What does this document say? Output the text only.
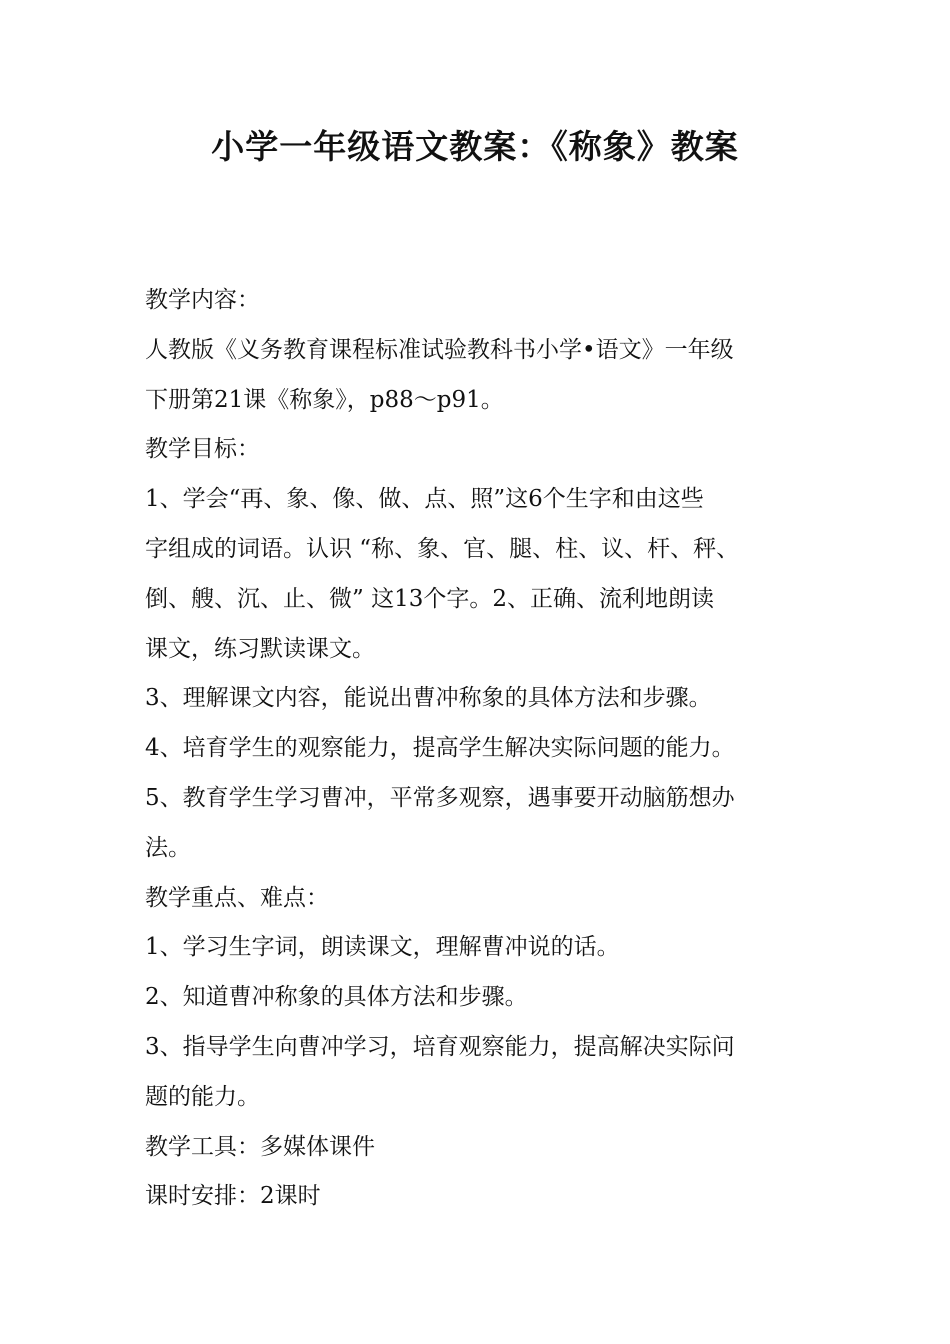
小学一年级语文教案：《称象》教案

教学内容：

人教版《义务教育课程标准试验教科书小学•语文》一年级

下册第21课《称象》，p88～p91。

教学目标：

1、学会“再、象、像、做、点、照”这6个生字和由这些

字组成的词语。认识 “称、象、官、腿、柱、议、杆、秤、

倒、艘、沉、止、微” 这13个字。2、正确、流利地朗读

课文，练习默读课文。

3、理解课文内容，能说出曹冲称象的具体方法和步骤。

4、培育学生的观察能力，提高学生解决实际问题的能力。

5、教育学生学习曹冲，平常多观察，遇事要开动脑筋想办

法。

教学重点、难点：

1、学习生字词，朗读课文，理解曹冲说的话。

2、知道曹冲称象的具体方法和步骤。

3、指导学生向曹冲学习，培育观察能力，提高解决实际问

题的能力。

教学工具：多媒体课件

课时安排：2课时
